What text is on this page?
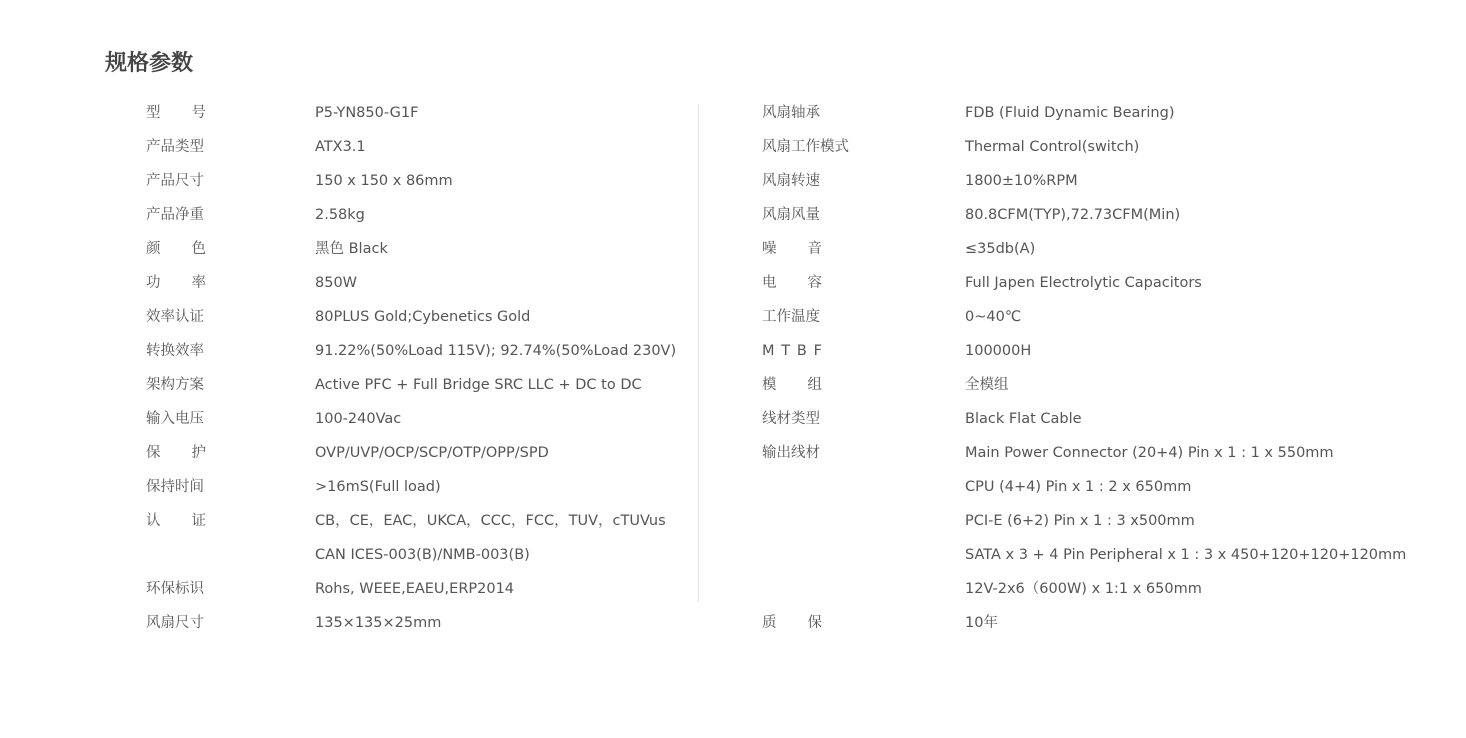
规格参数
型 号	P5-YN850-G1F
产品类型	ATX3.1
产品尺寸	150 x 150 x 86mm
产品净重	2.58kg
颜 色	黑色 Black
功 率	850W
效率认证	80PLUS Gold;Cybenetics Gold
转换效率	91.22%(50%Load 115V); 92.74%(50%Load 230V)
架构方案	Active PFC + Full Bridge SRC LLC + DC to DC
输入电压	100-240Vac
保 护	OVP/UVP/OCP/SCP/OTP/OPP/SPD
保持时间	>16mS(Full load)
认 证	CB，CE，EAC，UKCA，CCC，FCC，TUV，cTUVus
CAN ICES-003(B)/NMB-003(B)
环保标识	Rohs, WEEE,EAEU,ERP2014
风扇尺寸	135×135×25mm
风扇轴承	FDB (Fluid Dynamic Bearing)
风扇工作模式	Thermal Control(switch)
风扇转速	1800±10%RPM
风扇风量	80.8CFM(TYP),72.73CFM(Min)
噪 音	≤35db(A)
电 容	Full Japen Electrolytic Capacitors
工作温度	0~40℃
M T B F	100000H
模 组	全模组
线材类型	Black Flat Cable
输出线材	Main Power Connector (20+4) Pin x 1 : 1 x 550mm
CPU (4+4) Pin x 1 : 2 x 650mm
PCI-E (6+2) Pin x 1 : 3 x500mm
SATA x 3 + 4 Pin Peripheral x 1 : 3 x 450+120+120+120mm
12V-2x6（600W) x 1:1 x 650mm
质 保	10年
